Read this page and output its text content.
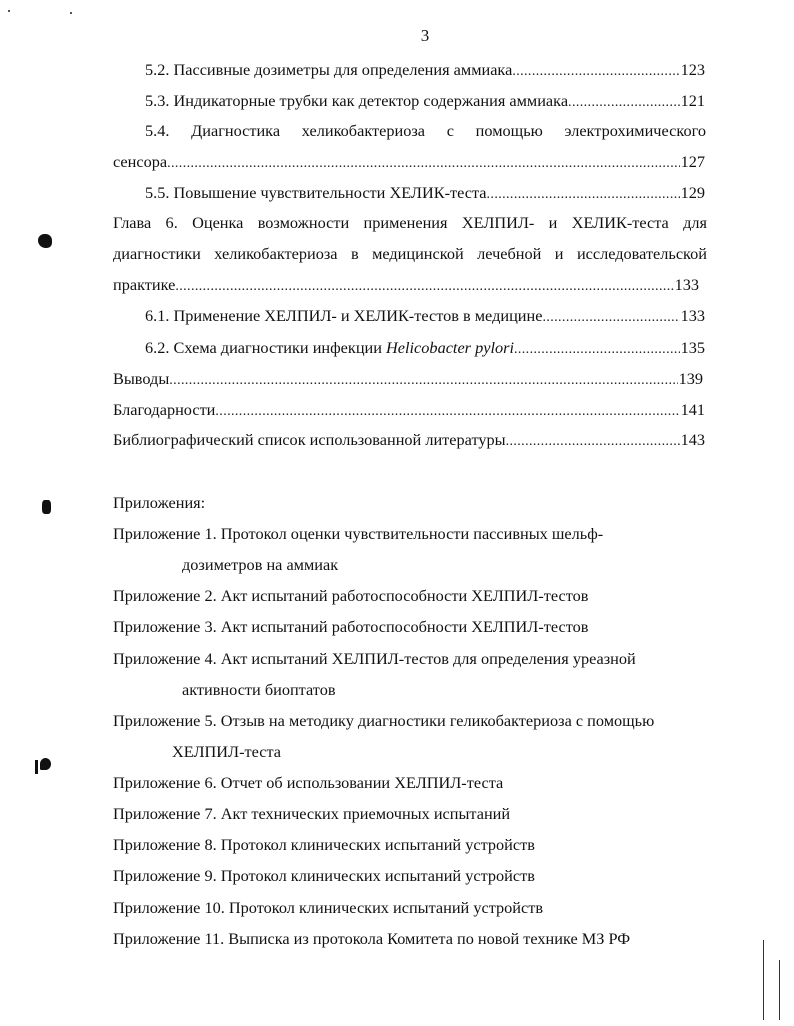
3
5.2. Пассивные дозиметры для определения аммиака .....	123
5.3. Индикаторные трубки как детектор содержания аммиака .....	121
5.4. Диагностика хеликобактериоза с помощью электрохимического
сенсора .....	127
5.5. Повышение чувствительности ХЕЛИК-теста .....	129
Глава 6. Оценка возможности применения ХЕЛПИЛ- и ХЕЛИК-теста для
диагностики хеликобактериоза в медицинской лечебной и исследовательской
практике .....	133
6.1. Применение ХЕЛПИЛ- и ХЕЛИК-тестов в медицине .....	133
6.2. Схема диагностики инфекции Helicobacter pylori .....	135
Выводы .....	139
Благодарности .....	141
Библиографический список использованной литературы .....	143
Приложения:
Приложение 1. Протокол оценки чувствительности пассивных шельф-
дозиметров на аммиак
Приложение 2. Акт испытаний работоспособности ХЕЛПИЛ-тестов
Приложение 3. Акт испытаний работоспособности ХЕЛПИЛ-тестов
Приложение 4. Акт испытаний ХЕЛПИЛ-тестов для определения уреазной
активности биоптатов
Приложение 5. Отзыв на методику диагностики геликобактериоза с помощью
ХЕЛПИЛ-теста
Приложение 6. Отчет об использовании ХЕЛПИЛ-теста
Приложение 7. Акт технических приемочных испытаний
Приложение 8. Протокол клинических испытаний устройств
Приложение 9. Протокол клинических испытаний устройств
Приложение 10. Протокол клинических испытаний устройств
Приложение 11. Выписка из протокола Комитета по новой технике МЗ РФ
